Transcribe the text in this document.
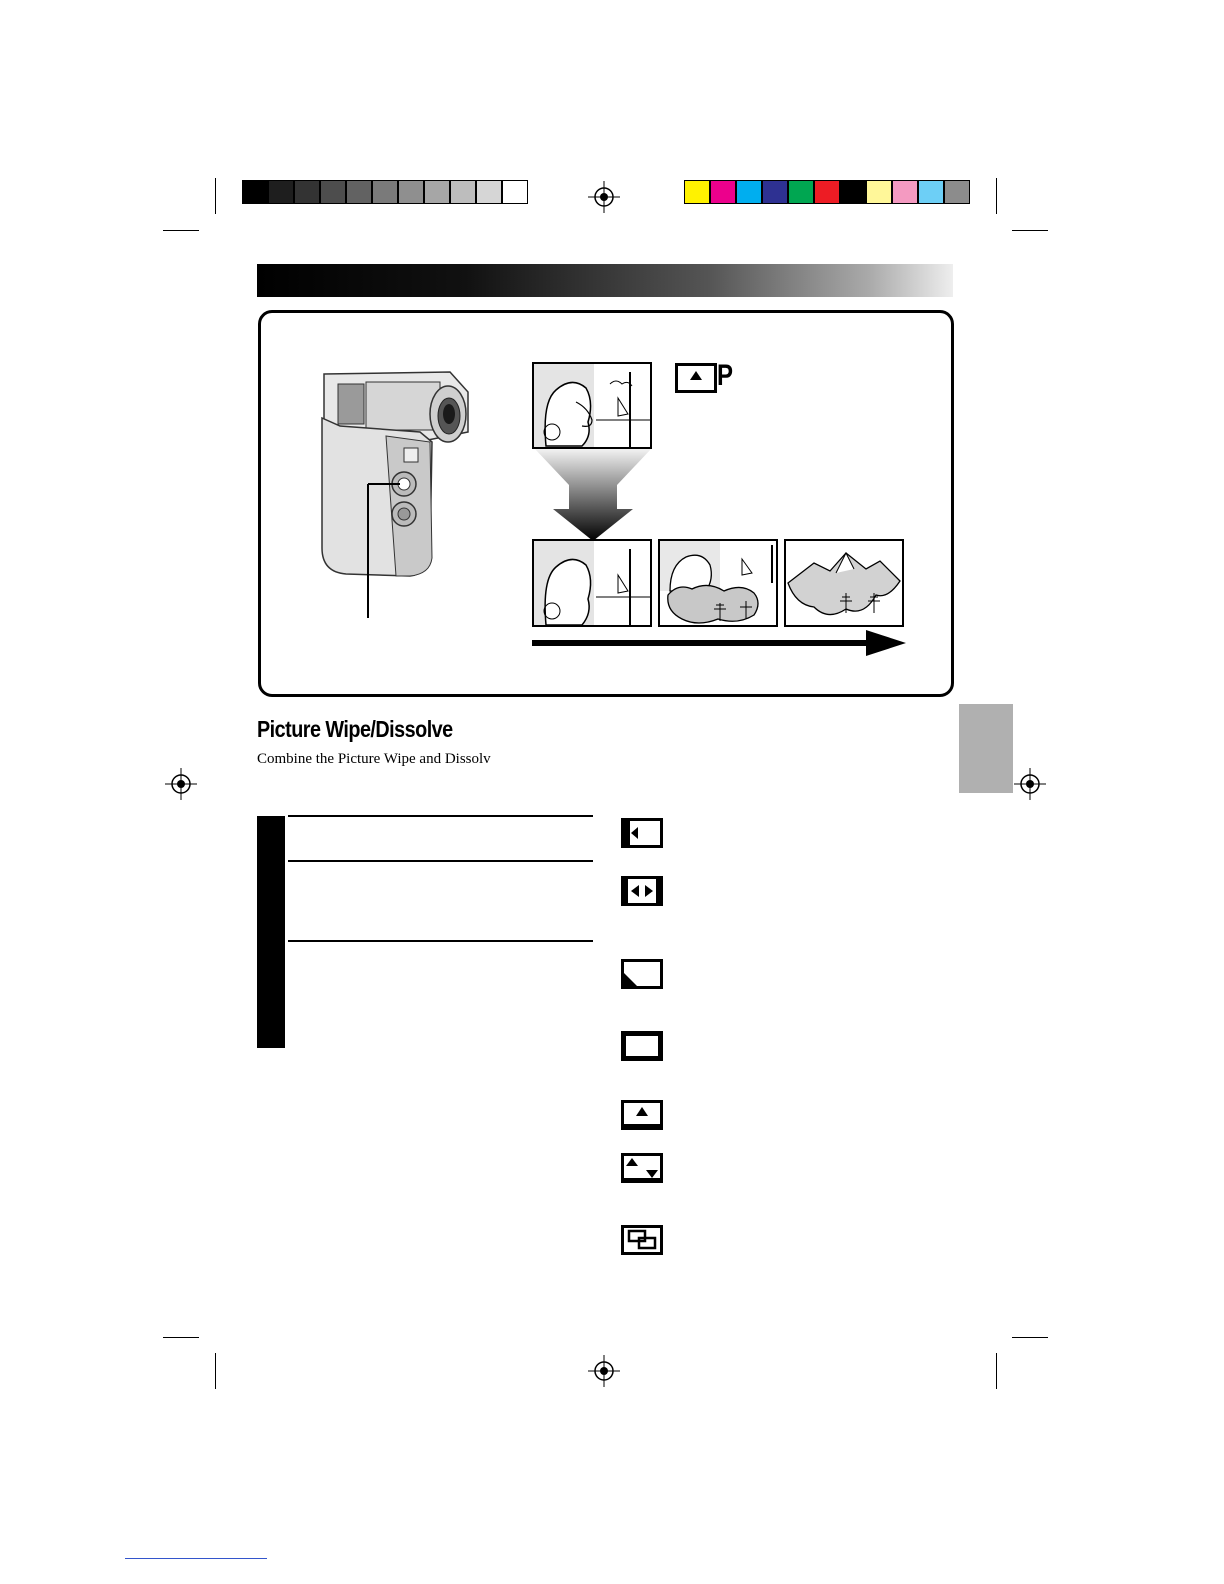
P
Picture Wipe/Dissolve

Combine the Picture Wipe and Dissolv
